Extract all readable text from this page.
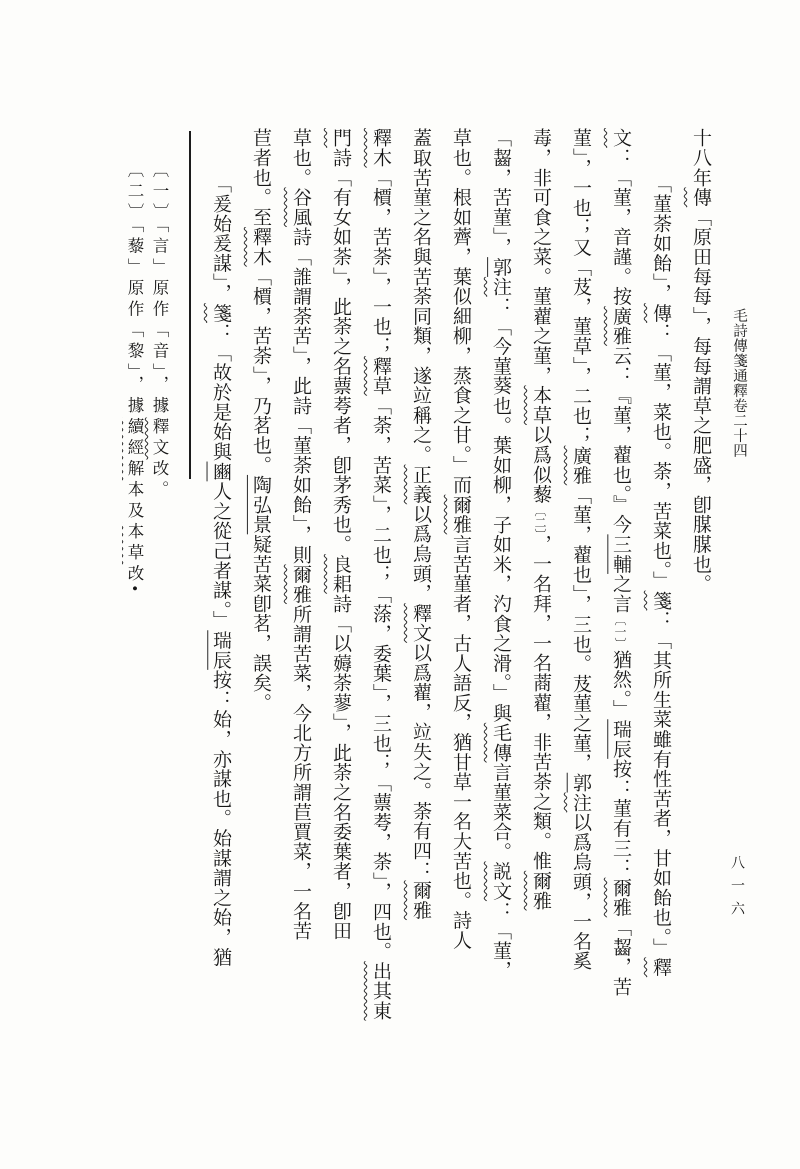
毛詩傳箋通釋卷二十四
十八年傳「原田每每」，每每謂草之肥盛，卽腜腜也。
「菫荼如飴」，傳：「菫，菜也。荼，苦菜也。」箋：「其所生菜雖有性苦者，甘如飴也。」釋
文：「菫，音謹。按廣雅云：『菫，藋也。』今三輔之言〔一〕猶然。」瑞辰按：菫有三：爾雅「齧，苦
菫」，一也；又「芨，菫草」，二也；廣雅「菫，藋也」，三也。芨菫之菫，郭注以爲烏頭，一名奚
毒，非可食之菜。菫藋之菫，本草以爲似藜〔二〕，一名拜，一名蔏藋，非苦荼之類。惟爾雅
「齧，苦菫」，郭注：「今菫葵也。葉如柳，子如米，汋食之滑。」與毛傳言菫菜合。説文：「菫，
草也。根如薺，葉似細柳，蒸食之甘。」而爾雅言苦菫者，古人語反，猶甘草一名大苦也。詩人
蓋取苦菫之名與苦荼同類，遂竝稱之。正義以爲烏頭，釋文以爲藋，竝失之。荼有四：爾雅
釋木「檟，苦荼」，一也；釋草「荼，苦菜」，二也；「蒤，委葉」，三也；「蔈荂，荼」，四也。出其東
門詩「有女如荼」，此荼之名蔈荂者，卽茅秀也。良耜詩「以薅荼蓼」，此荼之名委葉者，卽田
草也。谷風詩「誰謂荼苦」，此詩「菫荼如飴」，則爾雅所謂苦菜，今北方所謂苣賈菜，一名苦
苣者也。至釋木「檟，苦荼」，乃茗也。陶弘景疑苦菜卽茗，誤矣。
「爰始爰謀」，箋：「故於是始與豳人之從己者謀。」瑞辰按：始，亦謀也。始謀謂之始，猶
〔一〕「言」原作「音」，據釋文改。
〔二〕「藜」原作「黎」，據續經解本及本草改•
八一六
